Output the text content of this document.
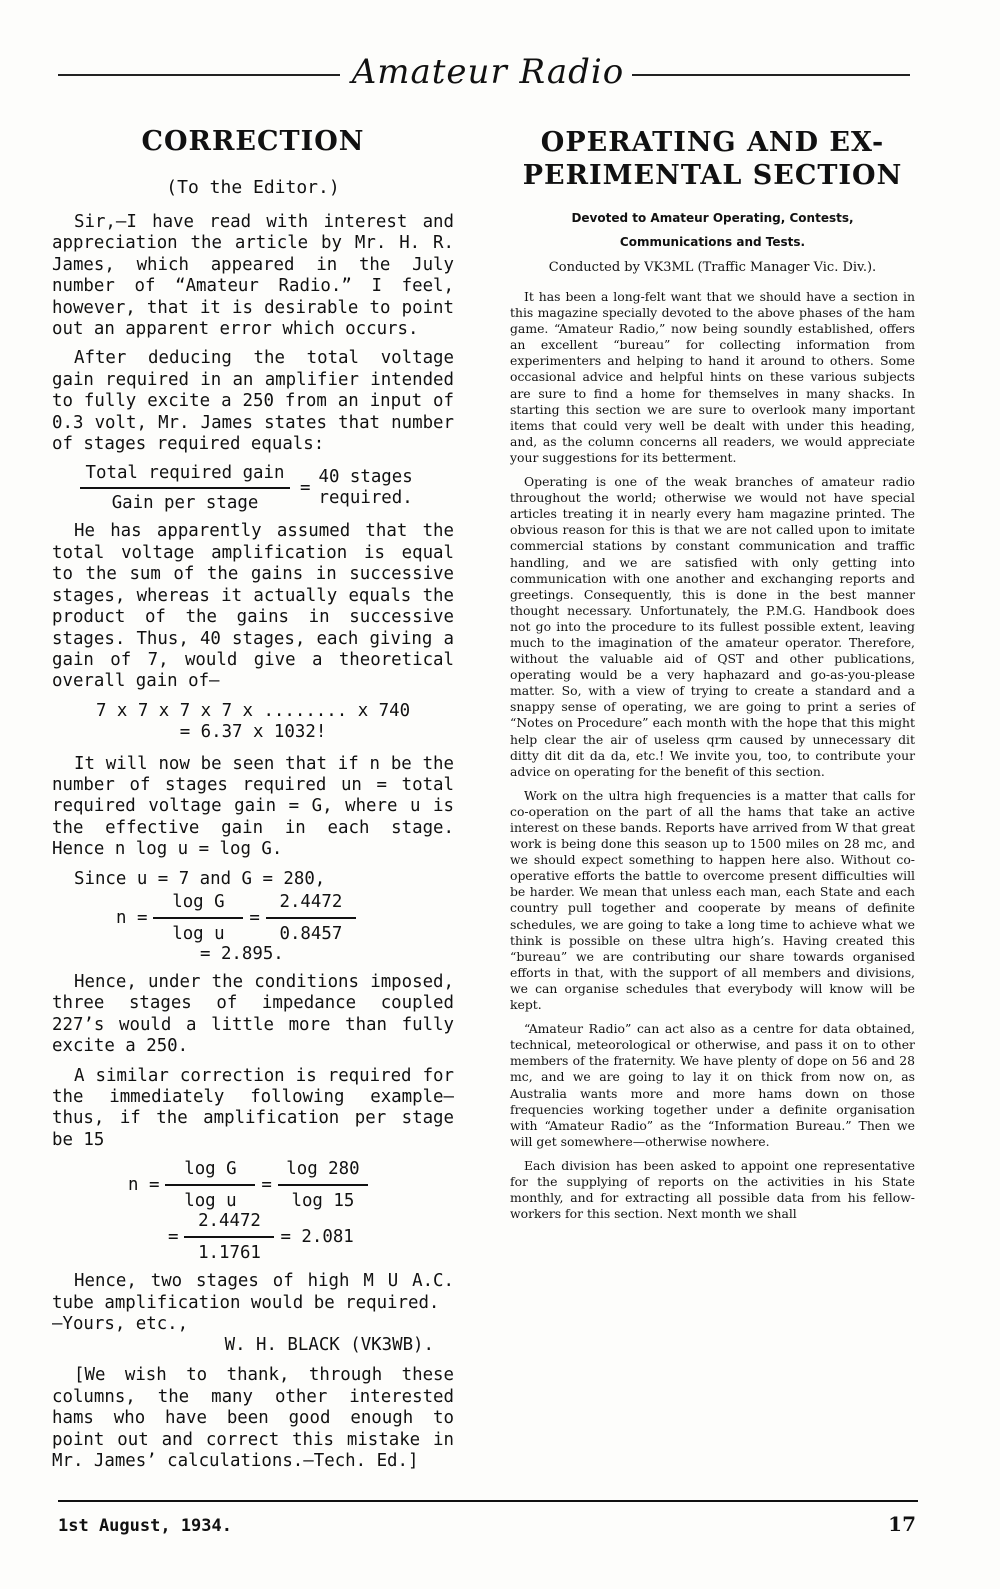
Amateur Radio
CORRECTION
(To the Editor.)

Sir,—I have read with interest and appreciation the article by Mr. H. R. James, which appeared in the July number of “Amateur Radio.” I feel, however, that it is desirable to point out an apparent error which occurs.

After deducing the total voltage gain required in an amplifier intended to fully excite a 250 from an input of 0.3 volt, Mr. James states that number of stages required equals:

Total required gain
Gain per stage
=
40 stages
required.

He has apparently assumed that the total voltage amplification is equal to the sum of the gains in successive stages, whereas it actually equals the product of the gains in successive stages. Thus, 40 stages, each giving a gain of 7, would give a theoretical overall gain of—

7 x 7 x 7 x 7 x ........ x 740

= 6.37 x 1032!

It will now be seen that if n be the number of stages required un = total required voltage gain = G, where u is the effective gain in each stage. Hence n log u = log G.

Since u = 7 and G = 280,

n =
log G
log u
=
2.4472
0.8457
= 2.895.

Hence, under the conditions imposed, three stages of impedance coupled 227’s would a little more than fully excite a 250.

A similar correction is required for the immediately following example—thus, if the amplification per stage be 15

n =
log G
log u
=
log 280
log 15
=
2.4472
1.1761
= 2.081

Hence, two stages of high M U A.C. tube amplification would be required.

—Yours, etc.,

W. H. BLACK (VK3WB).

[We wish to thank, through these columns, the many other interested hams who have been good enough to point out and correct this mistake in Mr. James’ calculations.—Tech. Ed.]

OPERATING AND EX-
PERIMENTAL SECTION
Devoted to Amateur Operating, Contests,
Communications and Tests.

Conducted by VK3ML (Traffic Manager Vic. Div.).

It has been a long-felt want that we should have a section in this magazine specially devoted to the above phases of the ham game. “Amateur Radio,” now being soundly established, offers an excellent “bureau” for collecting information from experimenters and helping to hand it around to others. Some occasional advice and helpful hints on these various subjects are sure to find a home for themselves in many shacks. In starting this section we are sure to overlook many important items that could very well be dealt with under this heading, and, as the column concerns all readers, we would appreciate your suggestions for its betterment.

Operating is one of the weak branches of amateur radio throughout the world; otherwise we would not have special articles treating it in nearly every ham magazine printed. The obvious reason for this is that we are not called upon to imitate commercial stations by constant communication and traffic handling, and we are satisfied with only getting into communication with one another and exchanging reports and greetings. Consequently, this is done in the best manner thought necessary. Unfortunately, the P.M.G. Handbook does not go into the procedure to its fullest possible extent, leaving much to the imagination of the amateur operator. Therefore, without the valuable aid of QST and other publications, operating would be a very haphazard and go-as-you-please matter. So, with a view of trying to create a standard and a snappy sense of operating, we are going to print a series of “Notes on Procedure” each month with the hope that this might help clear the air of useless qrm caused by unnecessary dit ditty dit dit da da, etc.! We invite you, too, to contribute your advice on operating for the benefit of this section.

Work on the ultra high frequencies is a matter that calls for co-operation on the part of all the hams that take an active interest on these bands. Reports have arrived from W that great work is being done this season up to 1500 miles on 28 mc, and we should expect something to happen here also. Without co-operative efforts the battle to overcome present difficulties will be harder. We mean that unless each man, each State and each country pull together and cooperate by means of definite schedules, we are going to take a long time to achieve what we think is possible on these ultra high’s. Having created this “bureau” we are contributing our share towards organised efforts in that, with the support of all members and divisions, we can organise schedules that everybody will know will be kept.

“Amateur Radio” can act also as a centre for data obtained, technical, meteorological or otherwise, and pass it on to other members of the fraternity. We have plenty of dope on 56 and 28 mc, and we are going to lay it on thick from now on, as Australia wants more and more hams down on those frequencies working together under a definite organisation with “Amateur Radio” as the “Information Bureau.” Then we will get somewhere—otherwise nowhere.

Each division has been asked to appoint one representative for the supplying of reports on the activities in his State monthly, and for extracting all possible data from his fellow-workers for this section. Next month we shall

1st August, 1934.	17
